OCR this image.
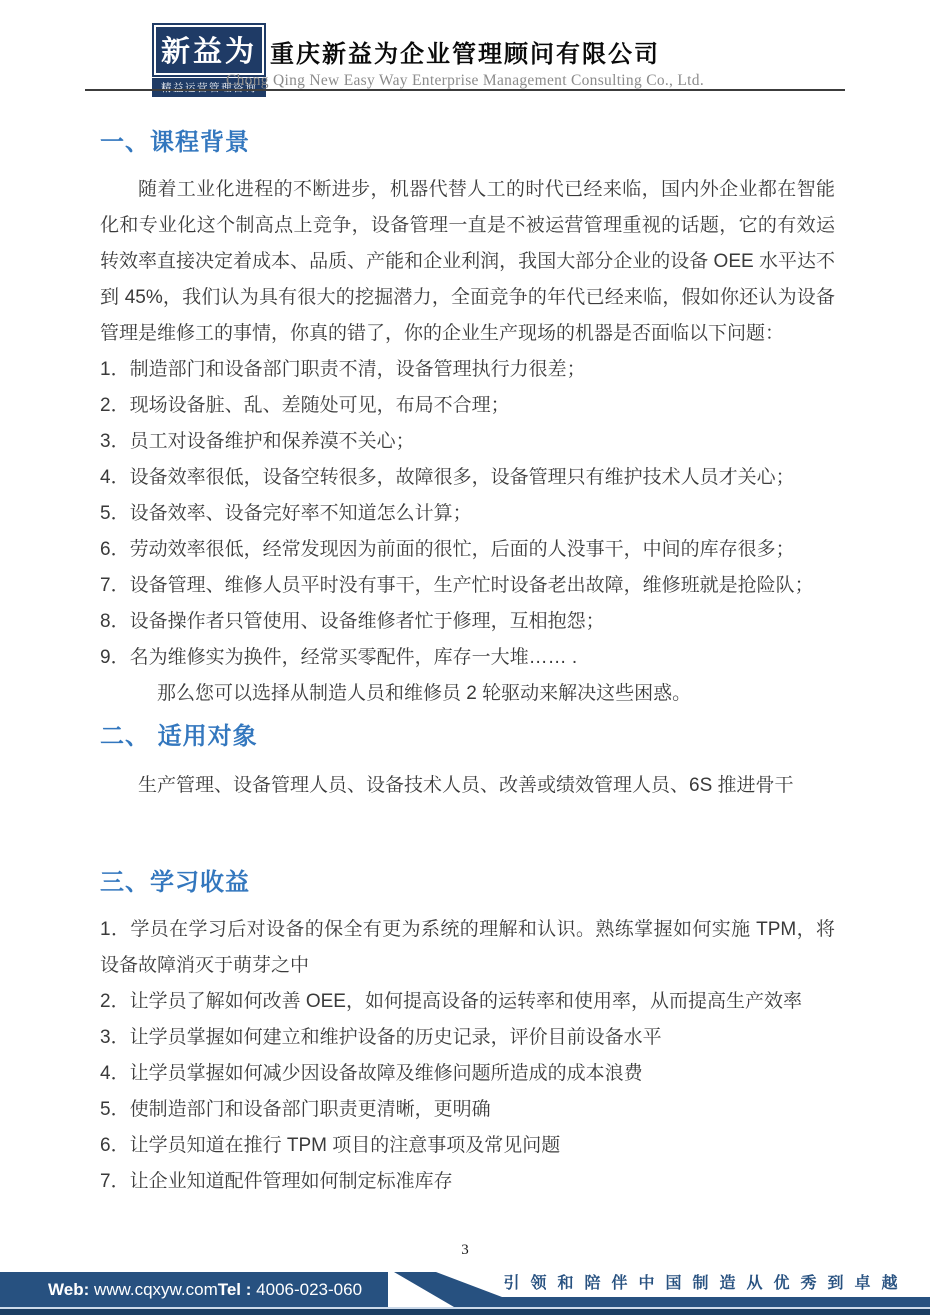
新益为
精益运营管理咨询
重庆新益为企业管理顾问有限公司
Chong Qing New Easy Way Enterprise Management Consulting Co., Ltd.
一、课程背景

随着工业化进程的不断进步，机器代替人工的时代已经来临，国内外企业都在智能化和专业化这个制高点上竞争，设备管理一直是不被运营管理重视的话题，它的有效运转效率直接决定着成本、品质、产能和企业利润，我国大部分企业的设备 OEE 水平达不到 45%，我们认为具有很大的挖掘潜力，全面竞争的年代已经来临，假如你还认为设备管理是维修工的事情，你真的错了，你的企业生产现场的机器是否面临以下问题：

1．制造部门和设备部门职责不清，设备管理执行力很差；
2．现场设备脏、乱、差随处可见，布局不合理；
3．员工对设备维护和保养漠不关心；
4．设备效率很低，设备空转很多，故障很多，设备管理只有维护技术人员才关心；
5．设备效率、设备完好率不知道怎么计算；
6．劳动效率很低，经常发现因为前面的很忙，后面的人没事干，中间的库存很多；
7．设备管理、维修人员平时没有事干，生产忙时设备老出故障，维修班就是抢险队；
8．设备操作者只管使用、设备维修者忙于修理，互相抱怨；
9．名为维修实为换件，经常买零配件，库存一大堆…… .

那么您可以选择从制造人员和维修员 2 轮驱动来解决这些困惑。

二、 适用对象

生产管理、设备管理人员、设备技术人员、改善或绩效管理人员、6S 推进骨干

三、学习收益
1．学员在学习后对设备的保全有更为系统的理解和认识。熟练掌握如何实施 TPM，将设备故障消灭于萌芽之中
2．让学员了解如何改善 OEE，如何提高设备的运转率和使用率，从而提高生产效率
3．让学员掌握如何建立和维护设备的历史记录，评价目前设备水平
4．让学员掌握如何减少因设备故障及维修问题所造成的成本浪费
5．使制造部门和设备部门职责更清晰，更明确
6．让学员知道在推行 TPM 项目的注意事项及常见问题
7．让企业知道配件管理如何制定标准库存
3
Web: www.cqxyw.comTel : 4006-023-060	引领和陪伴中国制造从优秀到卓越
